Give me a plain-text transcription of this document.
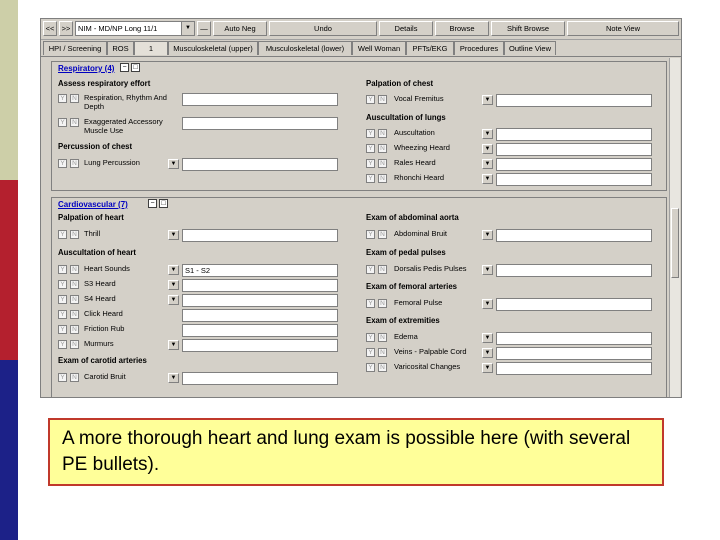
<< >>	NIM - MD/NP Long 11/1	▼	—	Auto Neg	Undo	Details	Browse	Shift Browse	Note View
HPI / Screening	ROS	1	Musculoskeletal (upper)	Musculoskeletal (lower)	Well Woman	PFTs/EKG	Procedures	Outline View
Respiratory (4)	− □
Assess respiratory effort
Y	N Respiration, Rhythm And Depth
Y	N Exaggerated Accessory Muscle Use
Percussion of chest
Y	N Lung Percussion	▼
Palpation of chest
Y	N Vocal Fremitus	▼
Auscultation of lungs
Y	N Auscultation	▼
Y	N Wheezing Heard	▼
Y	N Rales Heard	▼
Y	N Rhonchi Heard	▼
Cardiovascular (7)	− □
Palpation of heart
Y	N Thrill	▼
Auscultation of heart
Y	N Heart Sounds	▼	S1 - S2
Y	N S3 Heard	▼
Y	N S4 Heard	▼
Y	N Click Heard
Y	N Friction Rub
Y	N Murmurs	▼
Exam of carotid arteries
Y	N Carotid Bruit	▼
Exam of abdominal aorta
Y	N Abdominal Bruit	▼
Exam of pedal pulses
Y	N Dorsalis Pedis Pulses	▼
Exam of femoral arteries
Y	N Femoral Pulse	▼
Exam of extremities
Y	N Edema	▼
Y	N Veins - Palpable Cord	▼
Y	N Varicosital Changes	▼
A more thorough heart and lung exam is possible here (with several PE bullets).
